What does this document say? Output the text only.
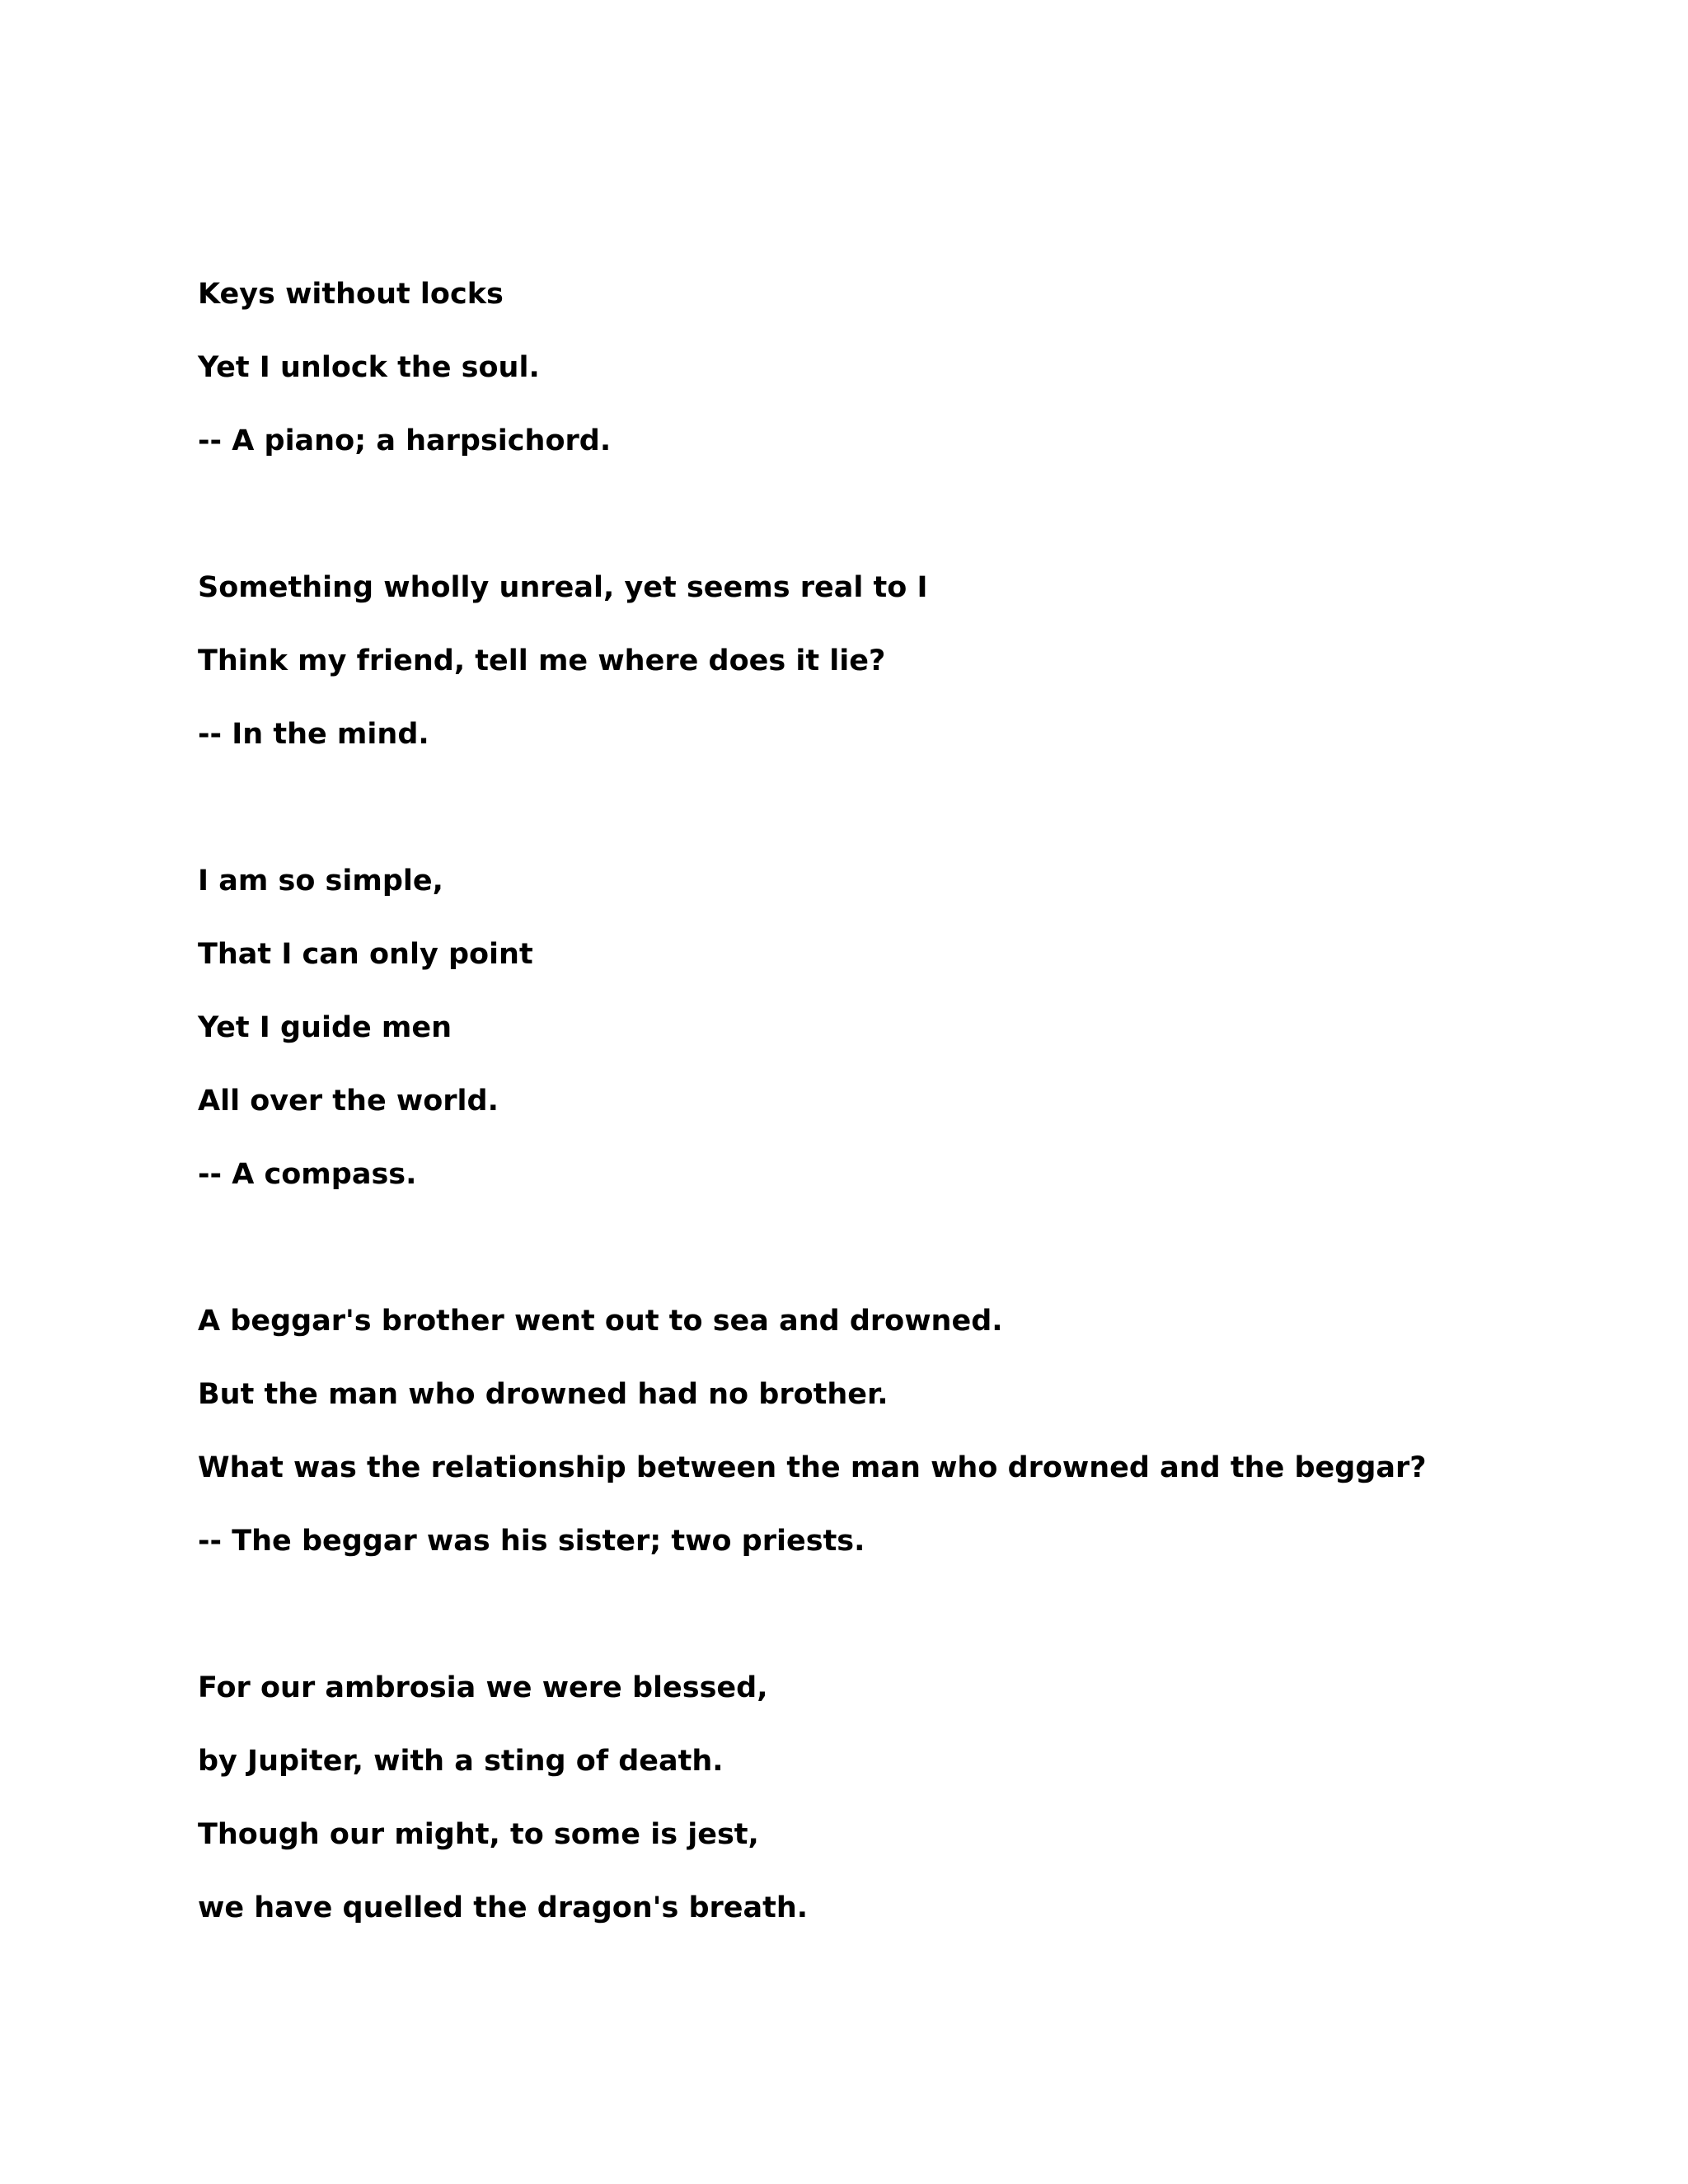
Keys without locks
Yet I unlock the soul.
-- A piano; a harpsichord.
Something wholly unreal, yet seems real to I
Think my friend, tell me where does it lie?
-- In the mind.
I am so simple,
That I can only point
Yet I guide men
All over the world.
-- A compass.
A beggar's brother went out to sea and drowned.
But the man who drowned had no brother.
What was the relationship between the man who drowned and the beggar?
-- The beggar was his sister; two priests.
For our ambrosia we were blessed,
by Jupiter, with a sting of death.
Though our might, to some is jest,
we have quelled the dragon's breath.
